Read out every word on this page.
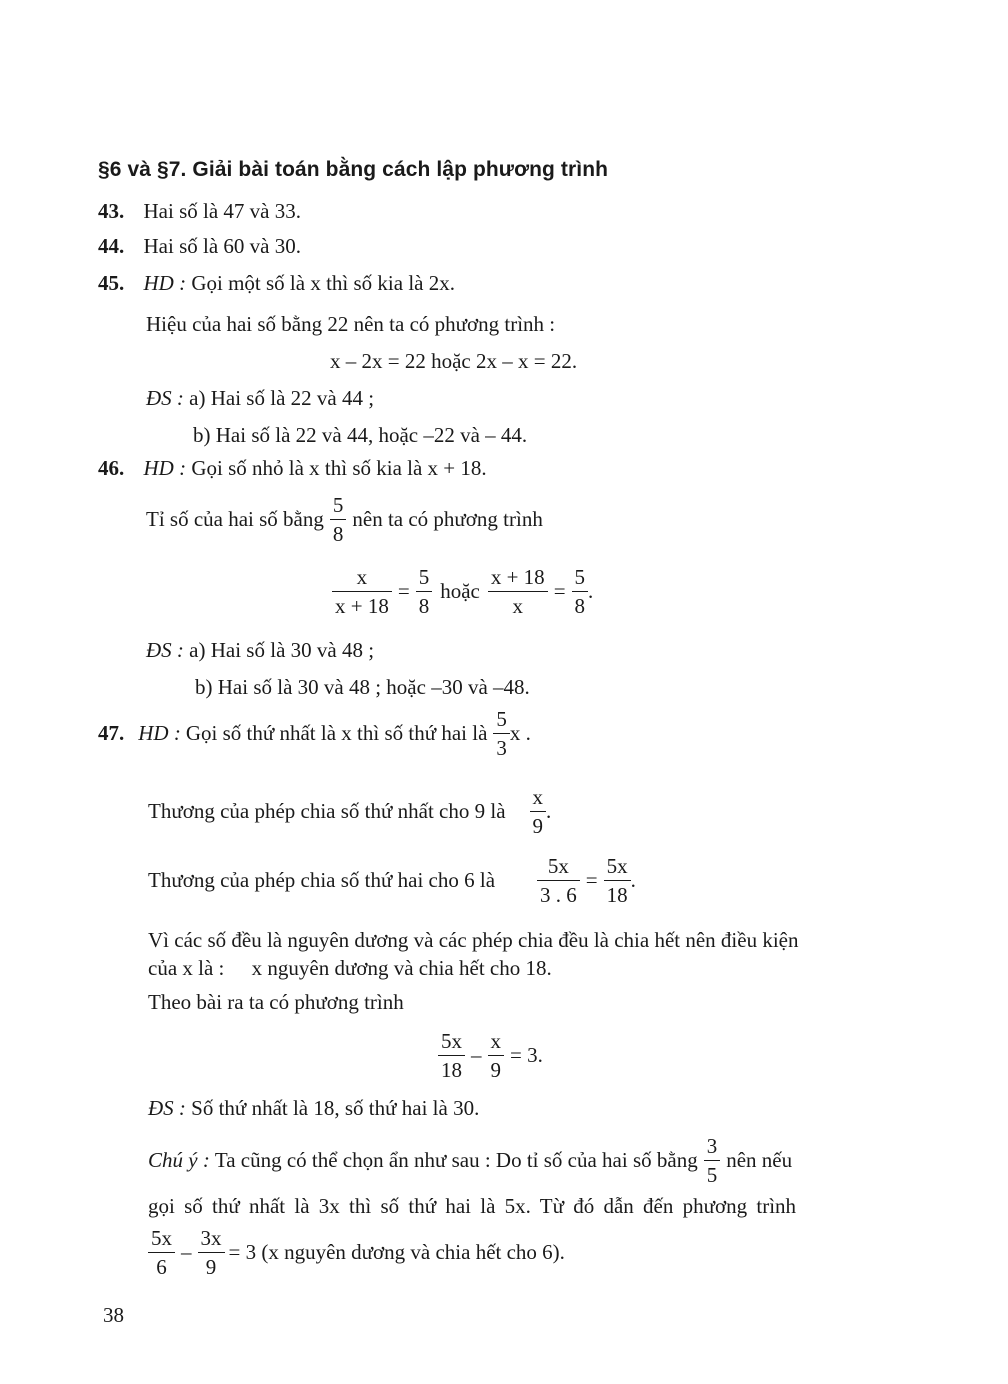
§6 và §7. Giải bài toán bằng cách lập phương trình
43. Hai số là 47 và 33.
44. Hai số là 60 và 30.
45. HD : Gọi một số là x thì số kia là 2x.
Hiệu của hai số bằng 22 nên ta có phương trình :
x – 2x = 22 hoặc 2x – x = 22.
ĐS : a) Hai số là 22 và 44 ;
b) Hai số là 22 và 44, hoặc –22 và – 44.
46. HD : Gọi số nhỏ là x thì số kia là x + 18.
Tỉ số của hai số bằng $\frac{5}{8}$ nên ta có phương trình
$\frac{x}{x + 18} = \frac{5}{8}$ hoặc $\frac{x + 18}{x} = \frac{5}{8}$ .
ĐS : a) Hai số là 30 và 48 ;
b) Hai số là 30 và 48 ; hoặc –30 và –48.
47. HD : Gọi số thứ nhất là x thì số thứ hai là $\frac{5}{3}$ x .
Thương của phép chia số thứ nhất cho 9 là $\frac{x}{9}$ .
Thương của phép chia số thứ hai cho 6 là $\frac{5x}{3 . 6} = \frac{5x}{18}$ .
Vì các số đều là nguyên dương và các phép chia đều là chia hết nên điều kiện
của x là : x nguyên dương và chia hết cho 18.
Theo bài ra ta có phương trình
$\frac{5x}{18} - \frac{x}{9} = 3$.
ĐS : Số thứ nhất là 18, số thứ hai là 30.
Chú ý : Ta cũng có thể chọn ẩn như sau : Do tỉ số của hai số bằng $\frac{3}{5}$ nên nếu
gọi số thứ nhất là 3x thì số thứ hai là 5x. Từ đó dẫn đến phương trình
$\frac{5x}{6} - \frac{3x}{9} = 3$ (x nguyên dương và chia hết cho 6).
38
